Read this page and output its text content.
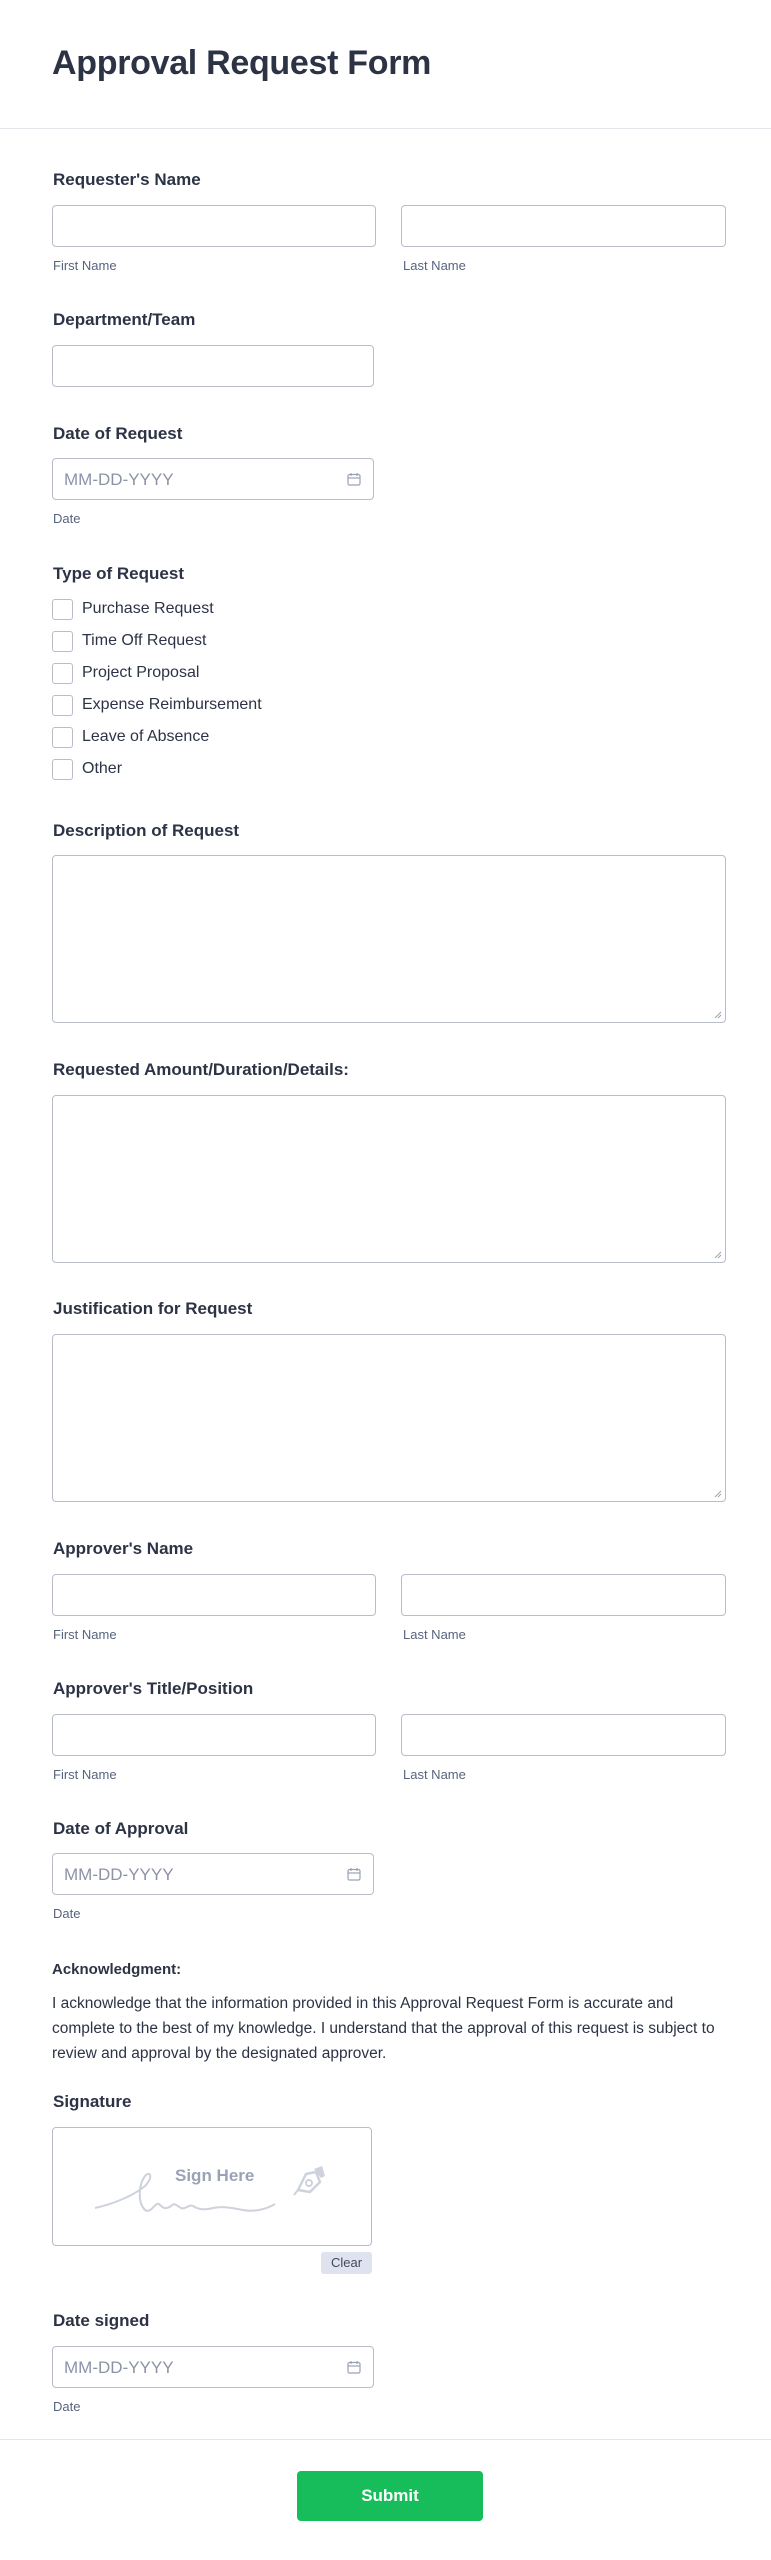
Approval Request Form
Requester's Name
First Name	Last Name
Department/Team
Date of Request
MM-DD-YYYY
Date
Type of Request
Purchase Request
Time Off Request
Project Proposal
Expense Reimbursement
Leave of Absence
Other
Description of Request
Requested Amount/Duration/Details:
Justification for Request
Approver's Name
First Name	Last Name
Approver's Title/Position
First Name	Last Name
Date of Approval
MM-DD-YYYY
Date
Acknowledgment:
I acknowledge that the information provided in this Approval Request Form is accurate and complete to the best of my knowledge. I understand that the approval of this request is subject to review and approval by the designated approver.
Signature
Sign Here
Clear
Date signed
MM-DD-YYYY
Date
Submit
